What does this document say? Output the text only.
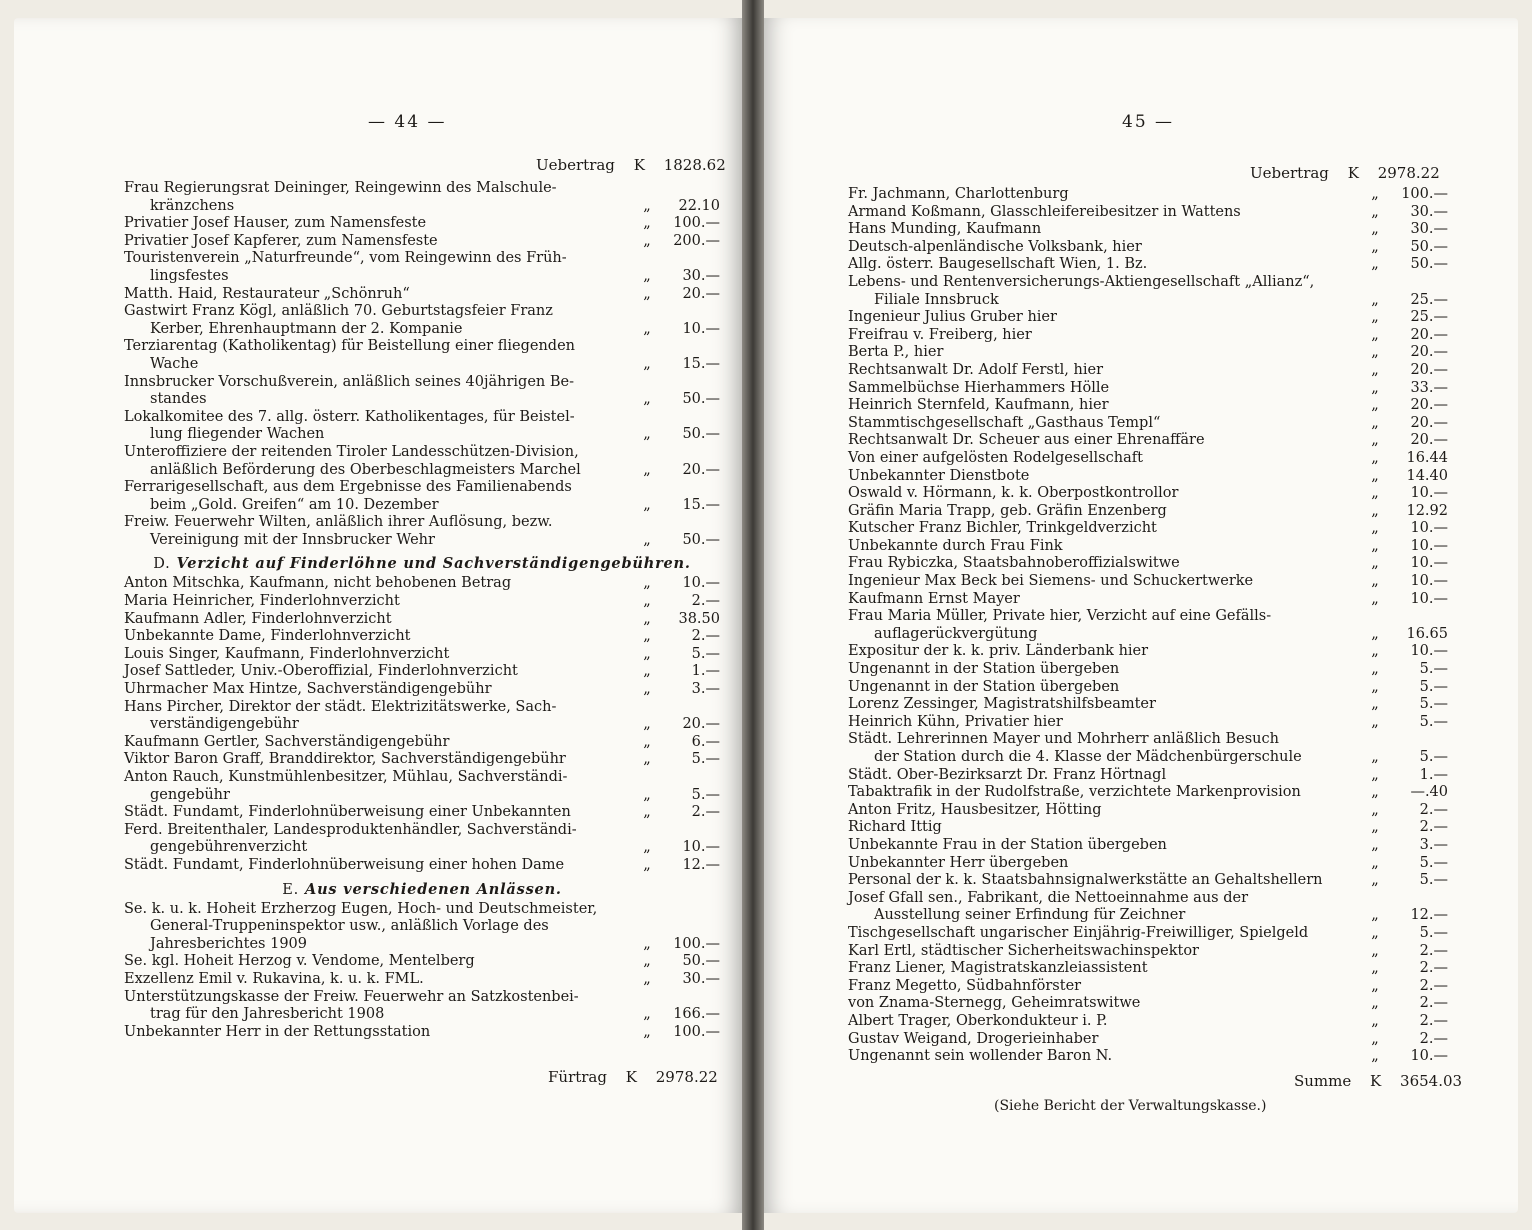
— 44 —	45 —
Uebertrag K 1828.62
Frau Regierungsrat Deininger, Reingewinn des Malschule-
kränzchens	„	22.10
Privatier Josef Hauser, zum Namensfeste	„	100.—
Privatier Josef Kapferer, zum Namensfeste	„	200.—
Touristenverein „Naturfreunde“, vom Reingewinn des Früh-
lingsfestes	„	30.—
Matth. Haid, Restaurateur „Schönruh“	„	20.—
Gastwirt Franz Kögl, anläßlich 70. Geburtstagsfeier Franz
Kerber, Ehrenhauptmann der 2. Kompanie	„	10.—
Terziarentag (Katholikentag) für Beistellung einer fliegenden
Wache	„	15.—
Innsbrucker Vorschußverein, anläßlich seines 40jährigen Be-
standes	„	50.—
Lokalkomitee des 7. allg. österr. Katholikentages, für Beistel-
lung fliegender Wachen	„	50.—
Unteroffiziere der reitenden Tiroler Landesschützen-Division,
anläßlich Beförderung des Oberbeschlagmeisters Marchel	„	20.—
Ferrarigesellschaft, aus dem Ergebnisse des Familienabends
beim „Gold. Greifen“ am 10. Dezember	„	15.—
Freiw. Feuerwehr Wilten, anläßlich ihrer Auflösung, bezw.
Vereinigung mit der Innsbrucker Wehr	„	50.—
D. Verzicht auf Finderlöhne und Sachverständigengebühren.
Anton Mitschka, Kaufmann, nicht behobenen Betrag	„	10.—
Maria Heinricher, Finderlohnverzicht	„	2.—
Kaufmann Adler, Finderlohnverzicht	„	38.50
Unbekannte Dame, Finderlohnverzicht	„	2.—
Louis Singer, Kaufmann, Finderlohnverzicht	„	5.—
Josef Sattleder, Univ.-Oberoffizial, Finderlohnverzicht	„	1.—
Uhrmacher Max Hintze, Sachverständigengebühr	„	3.—
Hans Pircher, Direktor der städt. Elektrizitätswerke, Sach-
verständigengebühr	„	20.—
Kaufmann Gertler, Sachverständigengebühr	„	6.—
Viktor Baron Graff, Branddirektor, Sachverständigengebühr	„	5.—
Anton Rauch, Kunstmühlenbesitzer, Mühlau, Sachverständi-
gengebühr	„	5.—
Städt. Fundamt, Finderlohnüberweisung einer Unbekannten	„	2.—
Ferd. Breitenthaler, Landesproduktenhändler, Sachverständi-
gengebührenverzicht	„	10.—
Städt. Fundamt, Finderlohnüberweisung einer hohen Dame	„	12.—
E. Aus verschiedenen Anlässen.
Se. k. u. k. Hoheit Erzherzog Eugen, Hoch- und Deutschmeister,
General-Truppeninspektor usw., anläßlich Vorlage des
Jahresberichtes 1909	„	100.—
Se. kgl. Hoheit Herzog v. Vendome, Mentelberg	„	50.—
Exzellenz Emil v. Rukavina, k. u. k. FML.	„	30.—
Unterstützungskasse der Freiw. Feuerwehr an Satzkostenbei-
trag für den Jahresbericht 1908	„	166.—
Unbekannter Herr in der Rettungsstation	„	100.—
Fürtrag K 2978.22
Uebertrag K 2978.22
Fr. Jachmann, Charlottenburg	„	100.—
Armand Koßmann, Glasschleifereibesitzer in Wattens	„	30.—
Hans Munding, Kaufmann	„	30.—
Deutsch-alpenländische Volksbank, hier	„	50.—
Allg. österr. Baugesellschaft Wien, 1. Bz.	„	50.—
Lebens- und Rentenversicherungs-Aktiengesellschaft „Allianz“,
Filiale Innsbruck	„	25.—
Ingenieur Julius Gruber hier	„	25.—
Freifrau v. Freiberg, hier	„	20.—
Berta P., hier	„	20.—
Rechtsanwalt Dr. Adolf Ferstl, hier	„	20.—
Sammelbüchse Hierhammers Hölle	„	33.—
Heinrich Sternfeld, Kaufmann, hier	„	20.—
Stammtischgesellschaft „Gasthaus Templ“	„	20.—
Rechtsanwalt Dr. Scheuer aus einer Ehrenaffäre	„	20.—
Von einer aufgelösten Rodelgesellschaft	„	16.44
Unbekannter Dienstbote	„	14.40
Oswald v. Hörmann, k. k. Oberpostkontrollor	„	10.—
Gräfin Maria Trapp, geb. Gräfin Enzenberg	„	12.92
Kutscher Franz Bichler, Trinkgeldverzicht	„	10.—
Unbekannte durch Frau Fink	„	10.—
Frau Rybiczka, Staatsbahnoberoffizialswitwe	„	10.—
Ingenieur Max Beck bei Siemens- und Schuckertwerke	„	10.—
Kaufmann Ernst Mayer	„	10.—
Frau Maria Müller, Private hier, Verzicht auf eine Gefälls-
auflagerückvergütung	„	16.65
Expositur der k. k. priv. Länderbank hier	„	10.—
Ungenannt in der Station übergeben	„	5.—
Ungenannt in der Station übergeben	„	5.—
Lorenz Zessinger, Magistratshilfsbeamter	„	5.—
Heinrich Kühn, Privatier hier	„	5.—
Städt. Lehrerinnen Mayer und Mohrherr anläßlich Besuch
der Station durch die 4. Klasse der Mädchenbürgerschule	„	5.—
Städt. Ober-Bezirksarzt Dr. Franz Hörtnagl	„	1.—
Tabaktrafik in der Rudolfstraße, verzichtete Markenprovision	„	—.40
Anton Fritz, Hausbesitzer, Hötting	„	2.—
Richard Ittig	„	2.—
Unbekannte Frau in der Station übergeben	„	3.—
Unbekannter Herr übergeben	„	5.—
Personal der k. k. Staatsbahnsignalwerkstätte an Gehaltshellern	„	5.—
Josef Gfall sen., Fabrikant, die Nettoeinnahme aus der
Ausstellung seiner Erfindung für Zeichner	„	12.—
Tischgesellschaft ungarischer Einjährig-Freiwilliger, Spielgeld	„	5.—
Karl Ertl, städtischer Sicherheitswachinspektor	„	2.—
Franz Liener, Magistratskanzleiassistent	„	2.—
Franz Megetto, Südbahnförster	„	2.—
von Znama-Sternegg, Geheimratswitwe	„	2.—
Albert Trager, Oberkondukteur i. P.	„	2.—
Gustav Weigand, Drogerieinhaber	„	2.—
Ungenannt sein wollender Baron N.	„	10.—
Summe K 3654.03
(Siehe Bericht der Verwaltungskasse.)
